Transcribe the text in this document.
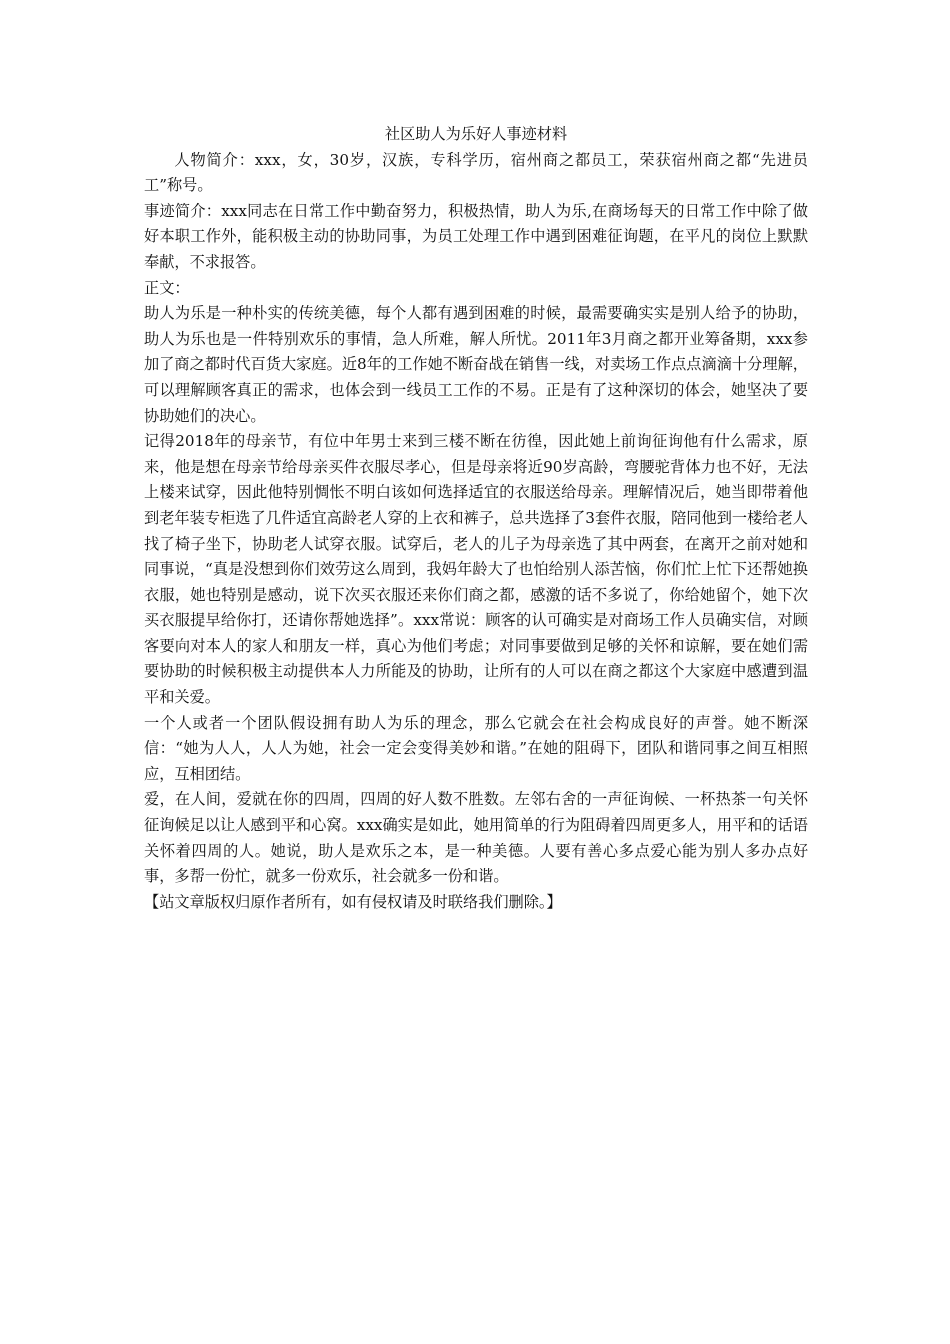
社区助人为乐好人事迹材料

人物简介：xxx，女，30岁，汉族，专科学历，宿州商之都员工，荣获宿州商之都“先进员工”称号。

事迹简介：xxx同志在日常工作中勤奋努力，积极热情，助人为乐,在商场每天的日常工作中除了做好本职工作外，能积极主动的协助同事，为员工处理工作中遇到困难征询题，在平凡的岗位上默默奉献，不求报答。

正文：

助人为乐是一种朴实的传统美德，每个人都有遇到困难的时候，最需要确实实是别人给予的协助，助人为乐也是一件特别欢乐的事情，急人所难，解人所忧。2011年3月商之都开业筹备期，xxx参加了商之都时代百货大家庭。近8年的工作她不断奋战在销售一线，对卖场工作点点滴滴十分理解，可以理解顾客真正的需求，也体会到一线员工工作的不易。正是有了这种深切的体会，她坚决了要协助她们的决心。

记得2018年的母亲节，有位中年男士来到三楼不断在彷徨，因此她上前询征询他有什么需求，原来，他是想在母亲节给母亲买件衣服尽孝心，但是母亲将近90岁高龄，弯腰驼背体力也不好，无法上楼来试穿，因此他特别惆怅不明白该如何选择适宜的衣服送给母亲。理解情况后，她当即带着他到老年装专柜选了几件适宜高龄老人穿的上衣和裤子，总共选择了3套件衣服，陪同他到一楼给老人找了椅子坐下，协助老人试穿衣服。试穿后，老人的儿子为母亲选了其中两套，在离开之前对她和同事说，“真是没想到你们效劳这么周到，我妈年龄大了也怕给别人添苦恼，你们忙上忙下还帮她换衣服，她也特别是感动，说下次买衣服还来你们商之都，感激的话不多说了，你给她留个，她下次买衣服提早给你打，还请你帮她选择”。xxx常说：顾客的认可确实是对商场工作人员确实信，对顾客要向对本人的家人和朋友一样，真心为他们考虑；对同事要做到足够的关怀和谅解，要在她们需要协助的时候积极主动提供本人力所能及的协助，让所有的人可以在商之都这个大家庭中感遭到温平和关爱。

一个人或者一个团队假设拥有助人为乐的理念，那么它就会在社会构成良好的声誉。她不断深信：“她为人人，人人为她，社会一定会变得美妙和谐。”在她的阻碍下，团队和谐同事之间互相照应，互相团结。

爱，在人间，爱就在你的四周，四周的好人数不胜数。左邻右舍的一声征询候、一杯热茶一句关怀征询候足以让人感到平和心窝。xxx确实是如此，她用简单的行为阻碍着四周更多人，用平和的话语关怀着四周的人。她说，助人是欢乐之本，是一种美德。人要有善心多点爱心能为别人多办点好事，多帮一份忙，就多一份欢乐，社会就多一份和谐。

【站文章版权归原作者所有，如有侵权请及时联络我们删除。】
